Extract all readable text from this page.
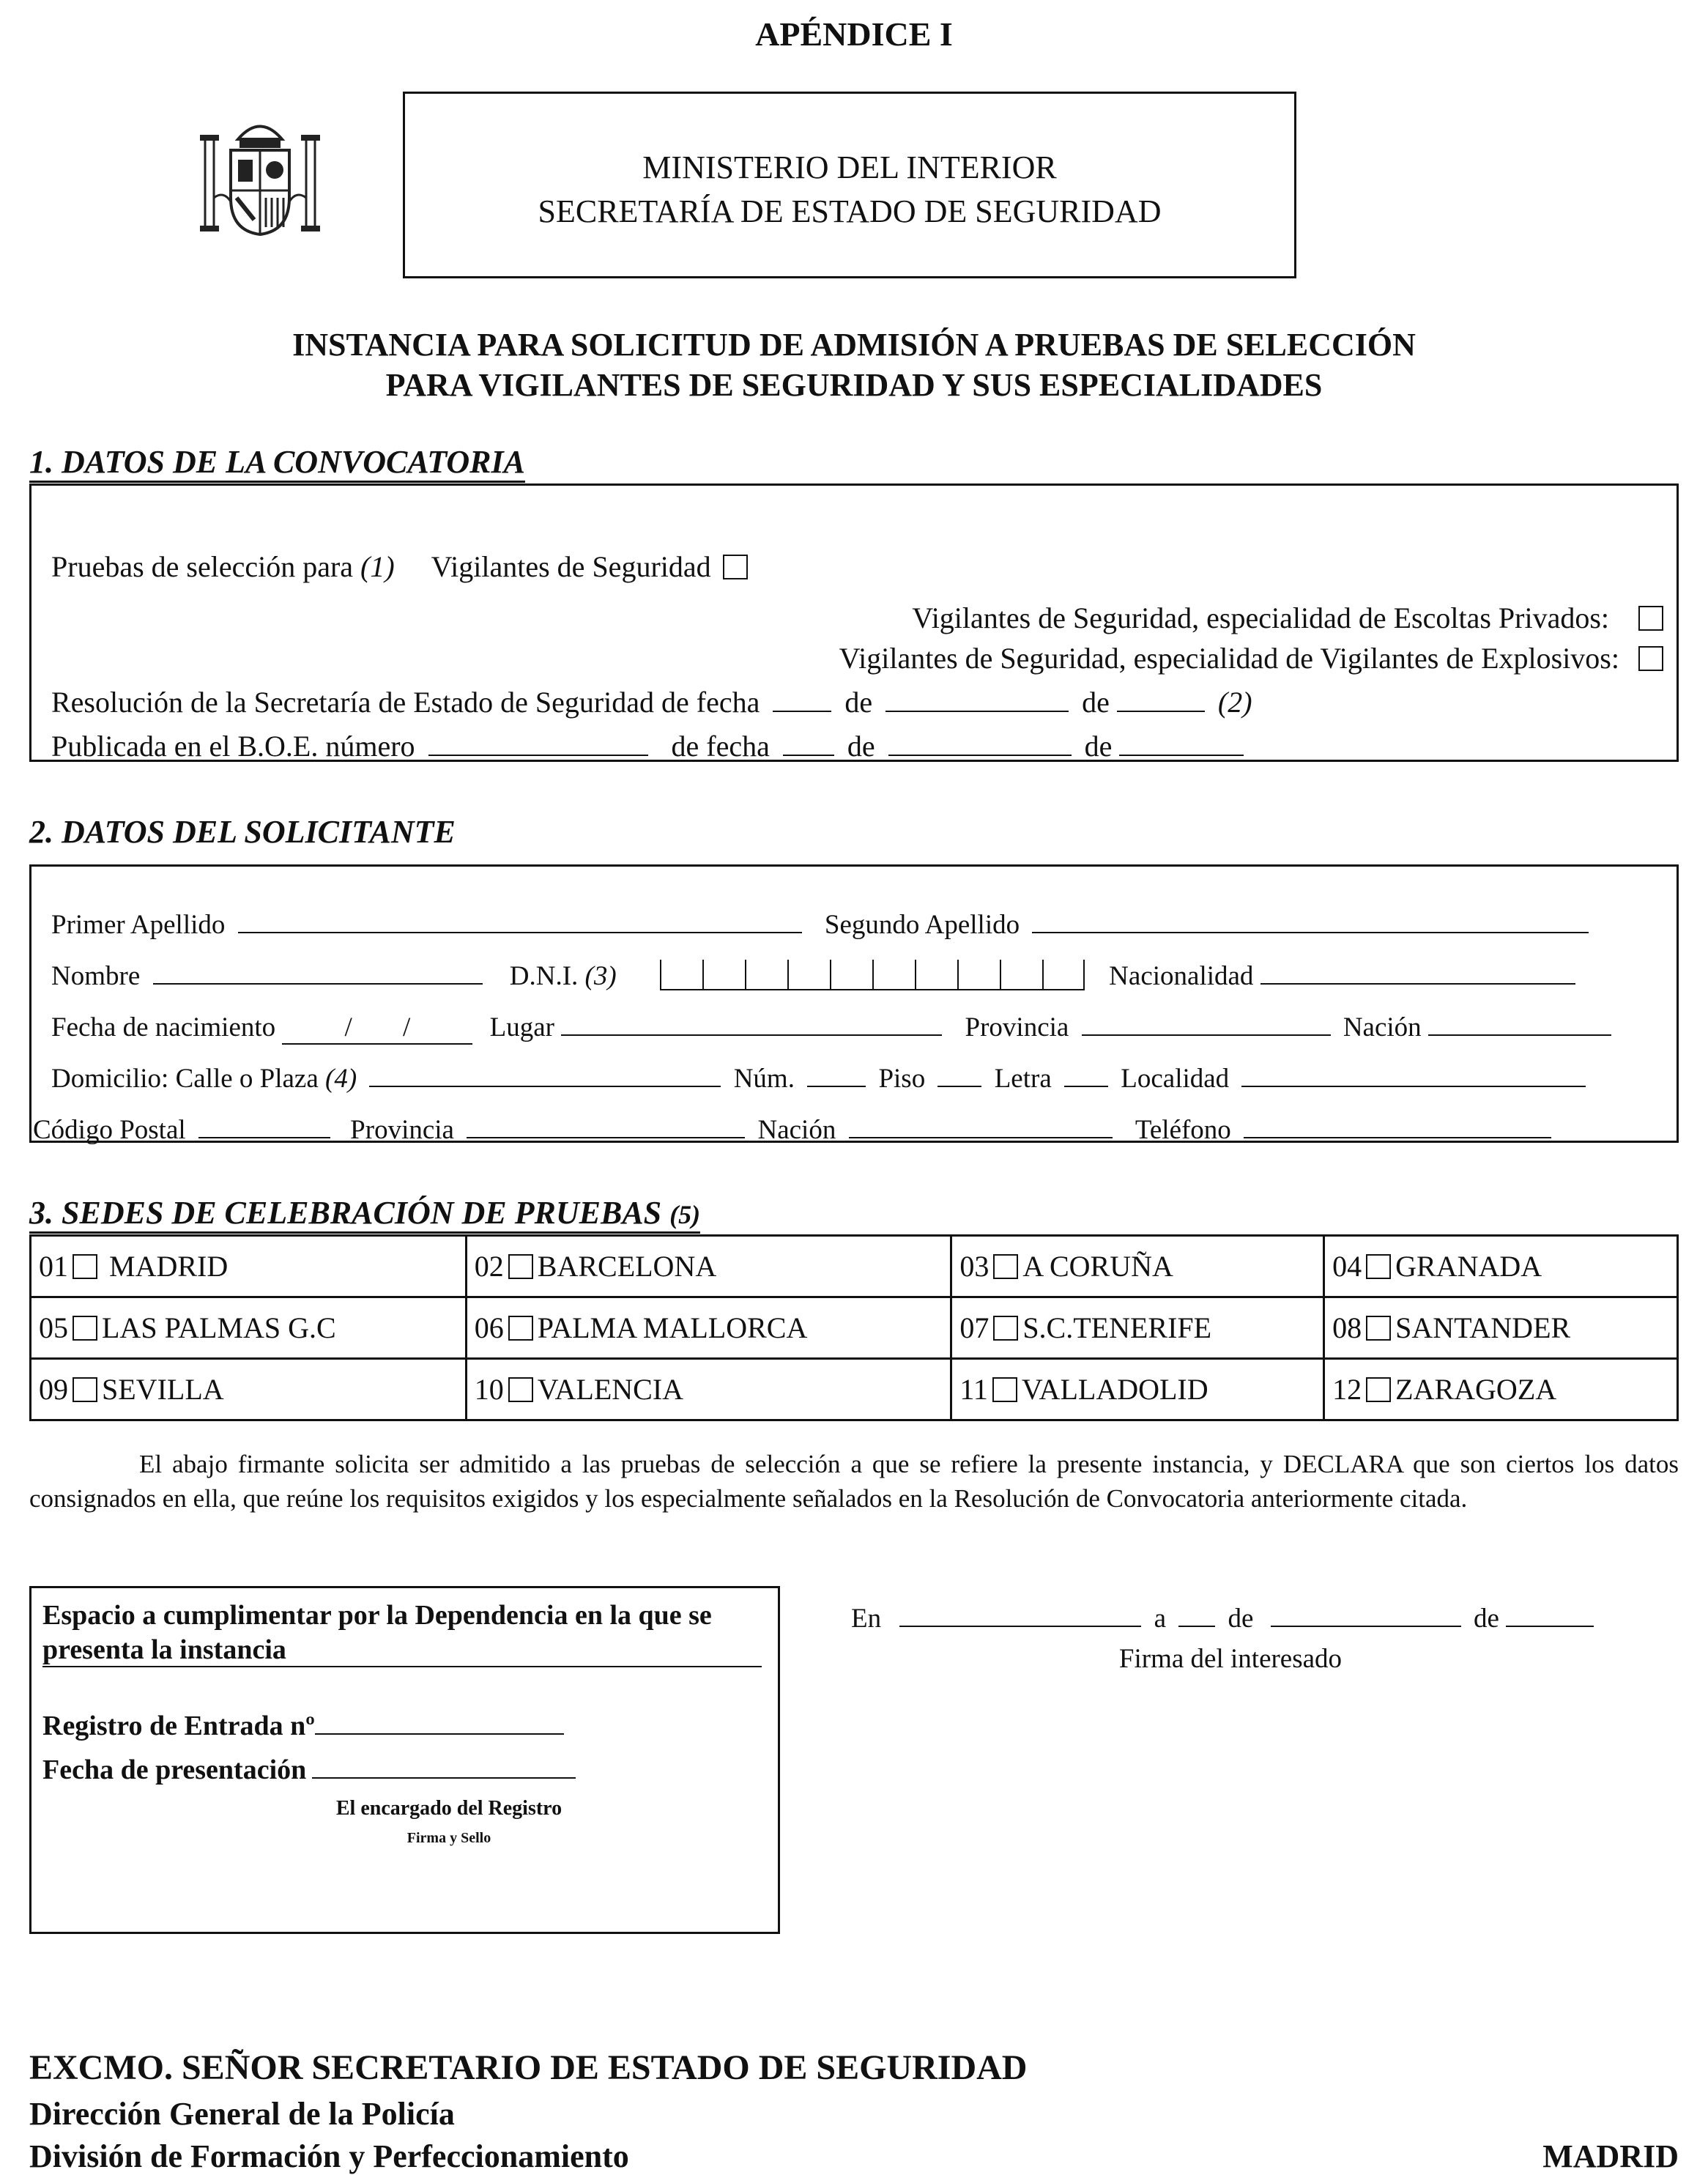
APÉNDICE I
MINISTERIO DEL INTERIOR
SECRETARÍA DE ESTADO DE SEGURIDAD
INSTANCIA PARA SOLICITUD DE ADMISIÓN A PRUEBAS DE SELECCIÓN
PARA VIGILANTES DE SEGURIDAD Y SUS ESPECIALIDADES
1. DATOS DE LA CONVOCATORIA
Pruebas de selección para (1) Vigilantes de Seguridad
Vigilantes de Seguridad, especialidad de Escoltas Privados:
Vigilantes de Seguridad, especialidad de Vigilantes de Explosivos:
Resolución de la Secretaría de Estado de Seguridad de fecha	de	de	(2)
Publicada en el B.O.E. número	de fecha	de	de
2. DATOS DEL SOLICITANTE
Primer Apellido	Segundo Apellido
Nombre	D.N.I. (3)	Nacionalidad
Fecha de nacimiento	/ /	Lugar	Provincia	Nación
Domicilio: Calle o Plaza (4)	Núm.	Piso	Letra	Localidad
Código Postal	Provincia	Nación	Teléfono
3. SEDES DE CELEBRACIÓN DE PRUEBAS (5)
01 MADRID	02 BARCELONA	03 A CORUÑA	04 GRANADA
05 LAS PALMAS G.C	06 PALMA MALLORCA	07 S.C.TENERIFE	08 SANTANDER
09 SEVILLA	10 VALENCIA	11 VALLADOLID	12 ZARAGOZA
El abajo firmante solicita ser admitido a las pruebas de selección a que se refiere la presente instancia, y DECLARA que son ciertos los datos consignados en ella, que reúne los requisitos exigidos y los especialmente señalados en la Resolución de Convocatoria anteriormente citada.
Espacio a cumplimentar por la Dependencia en la que se
presenta la instancia
Registro de Entrada nº
Fecha de presentación
El encargado del Registro
Firma y Sello
En	a de	de
Firma del interesado
EXCMO. SEÑOR SECRETARIO DE ESTADO DE SEGURIDAD
Dirección General de la Policía
División de Formación y Perfeccionamiento	MADRID
